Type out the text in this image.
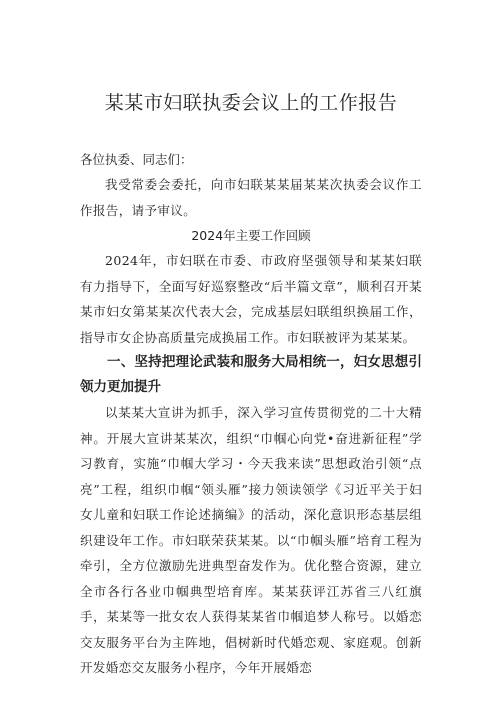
某某市妇联执委会议上的工作报告

各位执委、同志们：

我受常委会委托，向市妇联某某届某某次执委会议作工作报告，请予审议。

2024年主要工作回顾

2024年，市妇联在市委、市政府坚强领导和某某妇联有力指导下，全面写好巡察整改“后半篇文章”，顺利召开某某市妇女第某某次代表大会，完成基层妇联组织换届工作，指导市女企协高质量完成换届工作。市妇联被评为某某某。

一、坚持把理论武装和服务大局相统一，妇女思想引领力更加提升

以某某大宣讲为抓手，深入学习宣传贯彻党的二十大精神。开展大宣讲某某次，组织“巾帼心向党•奋进新征程”学习教育，实施“巾帼大学习・今天我来读”思想政治引领“点亮”工程，组织巾帼“领头雁”接力领读领学《习近平关于妇女儿童和妇联工作论述摘编》的活动，深化意识形态基层组织建设年工作。市妇联荣获某某。以“巾帼头雁”培育工程为牵引，全方位激励先进典型奋发作为。优化整合资源，建立全市各行各业巾帼典型培育库。某某获评江苏省三八红旗手，某某等一批女农人获得某某省巾帼追梦人称号。以婚恋交友服务平台为主阵地，倡树新时代婚恋观、家庭观。创新开发婚恋交友服务小程序，今年开展婚恋
